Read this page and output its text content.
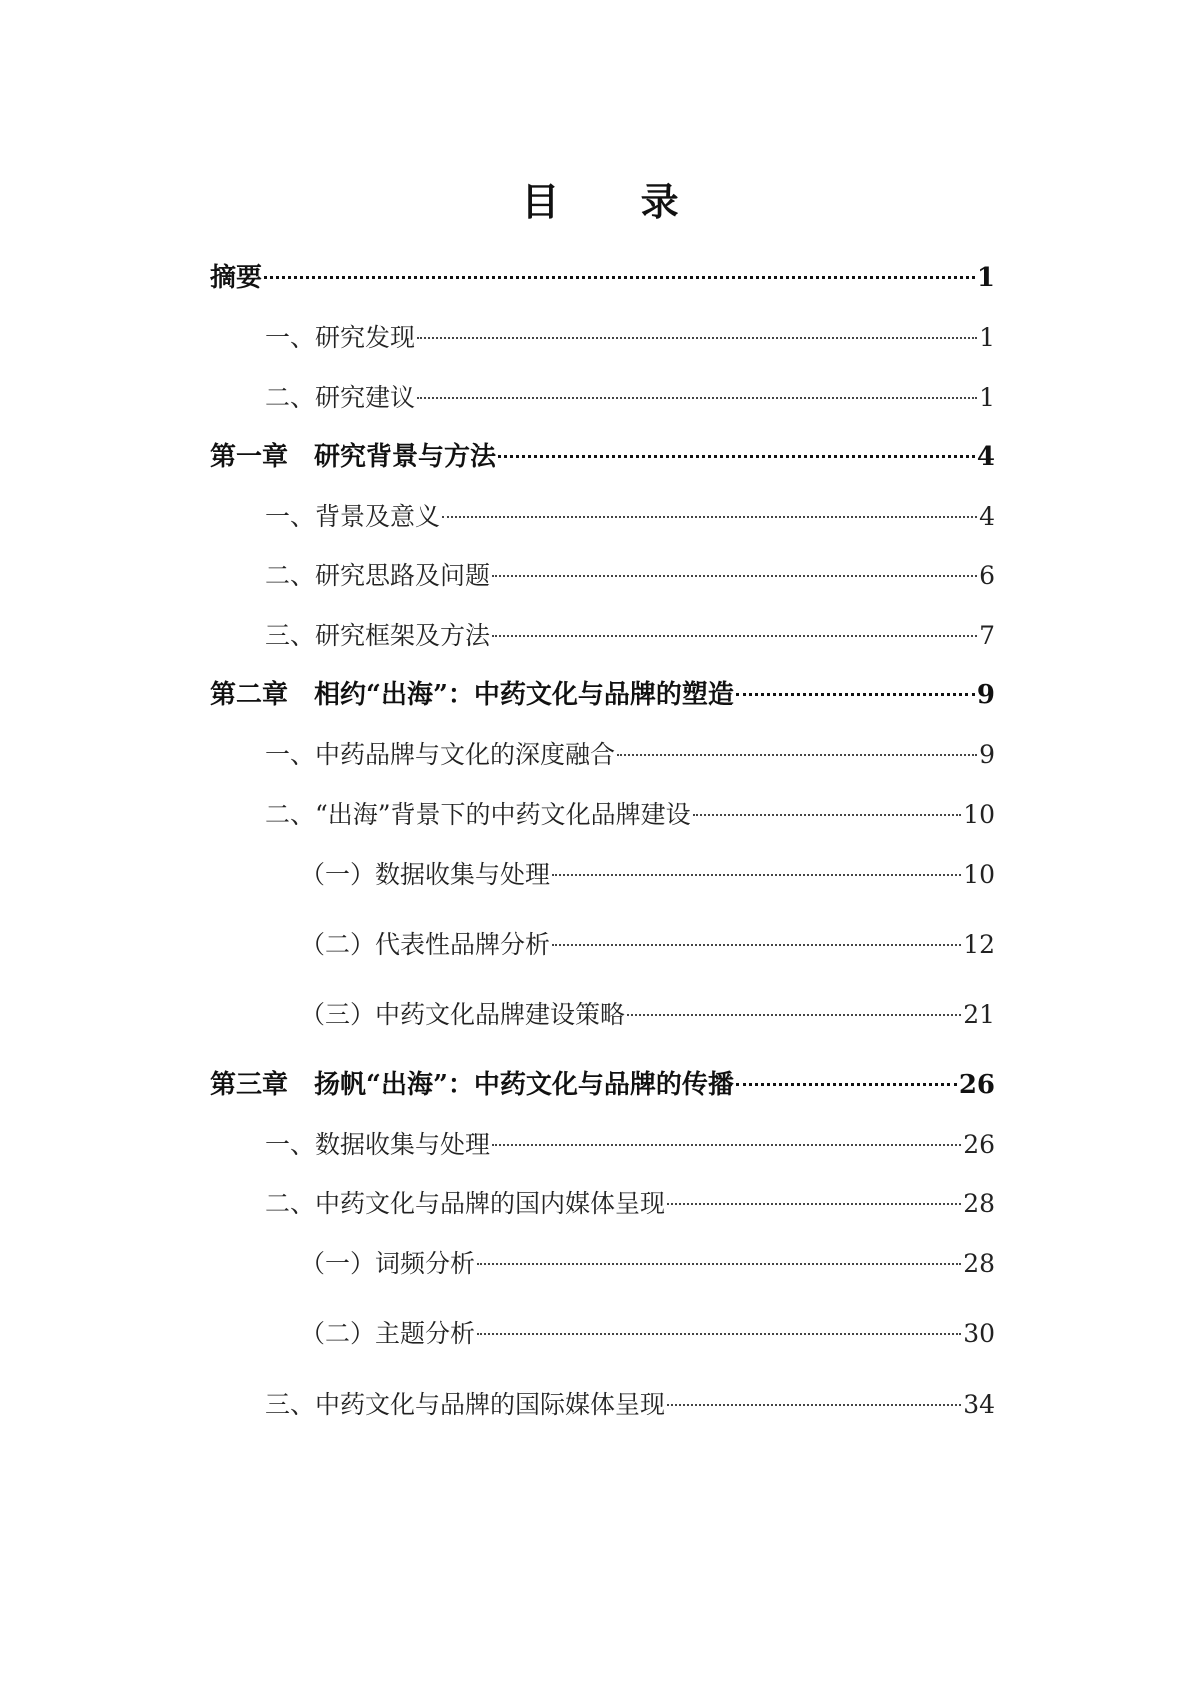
目 录
摘要	1
一、研究发现	1
二、研究建议	1
第一章　研究背景与方法	4
一、背景及意义	4
二、研究思路及问题	6
三、研究框架及方法	7
第二章　相约“出海”：中药文化与品牌的塑造	9
一、中药品牌与文化的深度融合	9
二、“出海”背景下的中药文化品牌建设	10
（一）数据收集与处理	10
（二）代表性品牌分析	12
（三）中药文化品牌建设策略	21
第三章　扬帆“出海”：中药文化与品牌的传播	26
一、数据收集与处理	26
二、中药文化与品牌的国内媒体呈现	28
（一）词频分析	28
（二）主题分析	30
三、中药文化与品牌的国际媒体呈现	34
